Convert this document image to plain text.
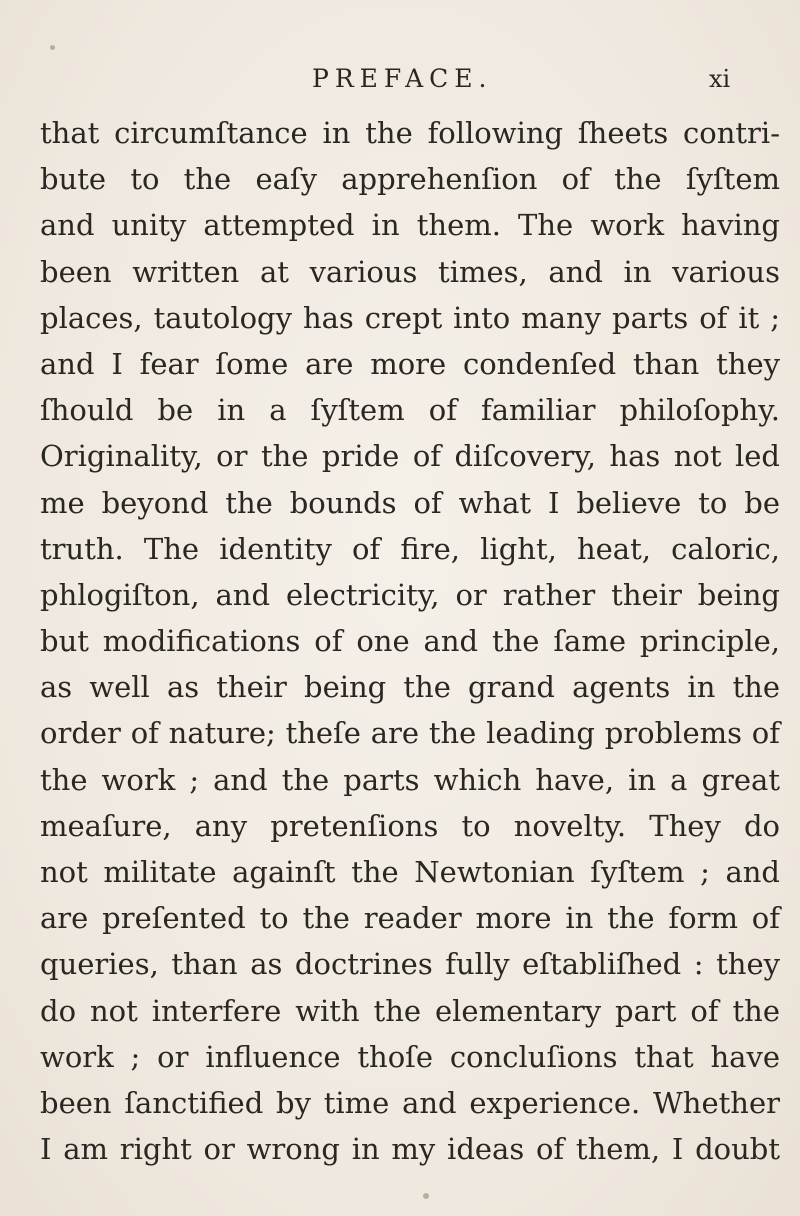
PREFACE.	xi
that circumſtance in the following ſheets contri-
bute to the eaſy apprehenſion of the ſyſtem
and unity attempted in them. The work having
been written at various times, and in various
places, tautology has crept into many parts of it ;
and I fear ſome are more condenſed than they
ſhould be in a ſyſtem of familiar philoſophy.
Originality, or the pride of diſcovery, has not led
me beyond the bounds of what I believe to be
truth. The identity of fire, light, heat, caloric,
phlogiſton, and electricity, or rather their being
but modifications of one and the ſame principle,
as well as their being the grand agents in the
order of nature; theſe are the leading problems of
the work ; and the parts which have, in a great
meaſure, any pretenſions to novelty. They do
not militate againſt the Newtonian ſyſtem ; and
are preſented to the reader more in the form of
queries, than as doctrines fully eſtabliſhed : they
do not interfere with the elementary part of the
work ; or influence thoſe concluſions that have
been ſanctified by time and experience. Whether
I am right or wrong in my ideas of them, I doubt
